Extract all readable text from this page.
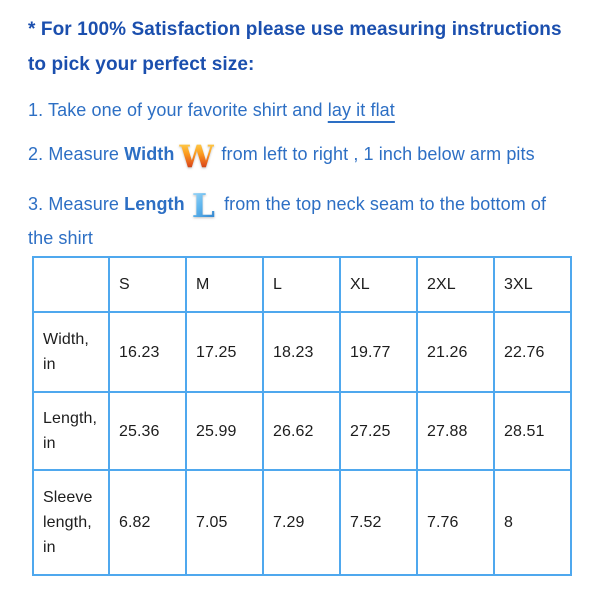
* For 100% Satisfaction please use measuring instructions
to pick your perfect size:
1. Take one of your favorite shirt and lay it flat
2. Measure Width W from left to right , 1 inch below arm pits
3. Measure Length L from the top neck seam to the bottom of
the shirt
	S	M	L	XL	2XL	3XL
Width, in	16.23	17.25	18.23	19.77	21.26	22.76
Length, in	25.36	25.99	26.62	27.25	27.88	28.51
Sleeve length, in	6.82	7.05	7.29	7.52	7.76	8
